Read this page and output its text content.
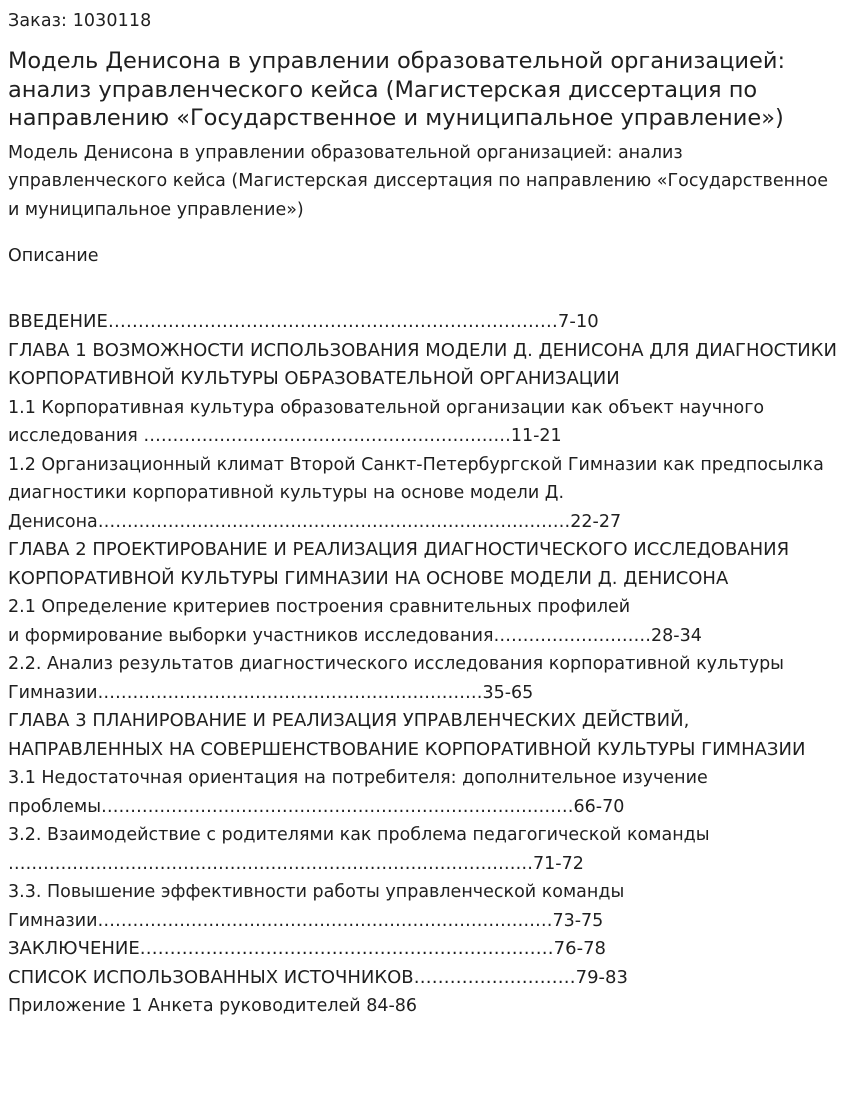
Заказ: 1030118
Модель Денисона в управлении образовательной организацией: анализ управленческого кейса (Магистерская диссертация по направлению «Государственное и муниципальное управление»)
Модель Денисона в управлении образовательной организацией: анализ управленческого кейса (Магистерская диссертация по направлению «Государственное и муниципальное управление»)
Описание
ВВЕДЕНИЕ…………………………………………………………………7-10
ГЛАВА 1 ВОЗМОЖНОСТИ ИСПОЛЬЗОВАНИЯ МОДЕЛИ Д. ДЕНИСОНА ДЛЯ ДИАГНОСТИКИ КОРПОРАТИВНОЙ КУЛЬТУРЫ ОБРАЗОВАТЕЛЬНОЙ ОРГАНИЗАЦИИ
1.1 Корпоративная культура образовательной организации как объект научного исследования ………………………………………………………11-21
1.2 Организационный климат Второй Санкт-Петербургской Гимназии как предпосылка диагностики корпоративной культуры на основе модели Д. Денисона………………………………………………………………………22-27
ГЛАВА 2 ПРОЕКТИРОВАНИЕ И РЕАЛИЗАЦИЯ ДИАГНОСТИЧЕСКОГО ИССЛЕДОВАНИЯ КОРПОРАТИВНОЙ КУЛЬТУРЫ ГИМНАЗИИ НА ОСНОВЕ МОДЕЛИ Д. ДЕНИСОНА
2.1 Определение критериев построения сравнительных профилей
и формирование выборки участников исследования………………………28-34
2.2. Анализ результатов диагностического исследования корпоративной культуры Гимназии…………………………………………………………35-65
ГЛАВА 3 ПЛАНИРОВАНИЕ И РЕАЛИЗАЦИЯ УПРАВЛЕНЧЕСКИХ ДЕЙСТВИЙ, НАПРАВЛЕННЫХ НА СОВЕРШЕНСТВОВАНИЕ КОРПОРАТИВНОЙ КУЛЬТУРЫ ГИМНАЗИИ
3.1 Недостаточная ориентация на потребителя: дополнительное изучение проблемы………………………………………………………………………66-70
3.2. Взаимодействие с родителями как проблема педагогической команды ………………………………………………………………………………71-72
3.3. Повышение эффективности работы управленческой команды Гимназии……………………………………………………………………73-75
ЗАКЛЮЧЕНИЕ……………………………………………………………76-78
СПИСОК ИСПОЛЬЗОВАННЫХ ИСТОЧНИКОВ………………………79-83
Приложение 1 Анкета руководителей 84-86
